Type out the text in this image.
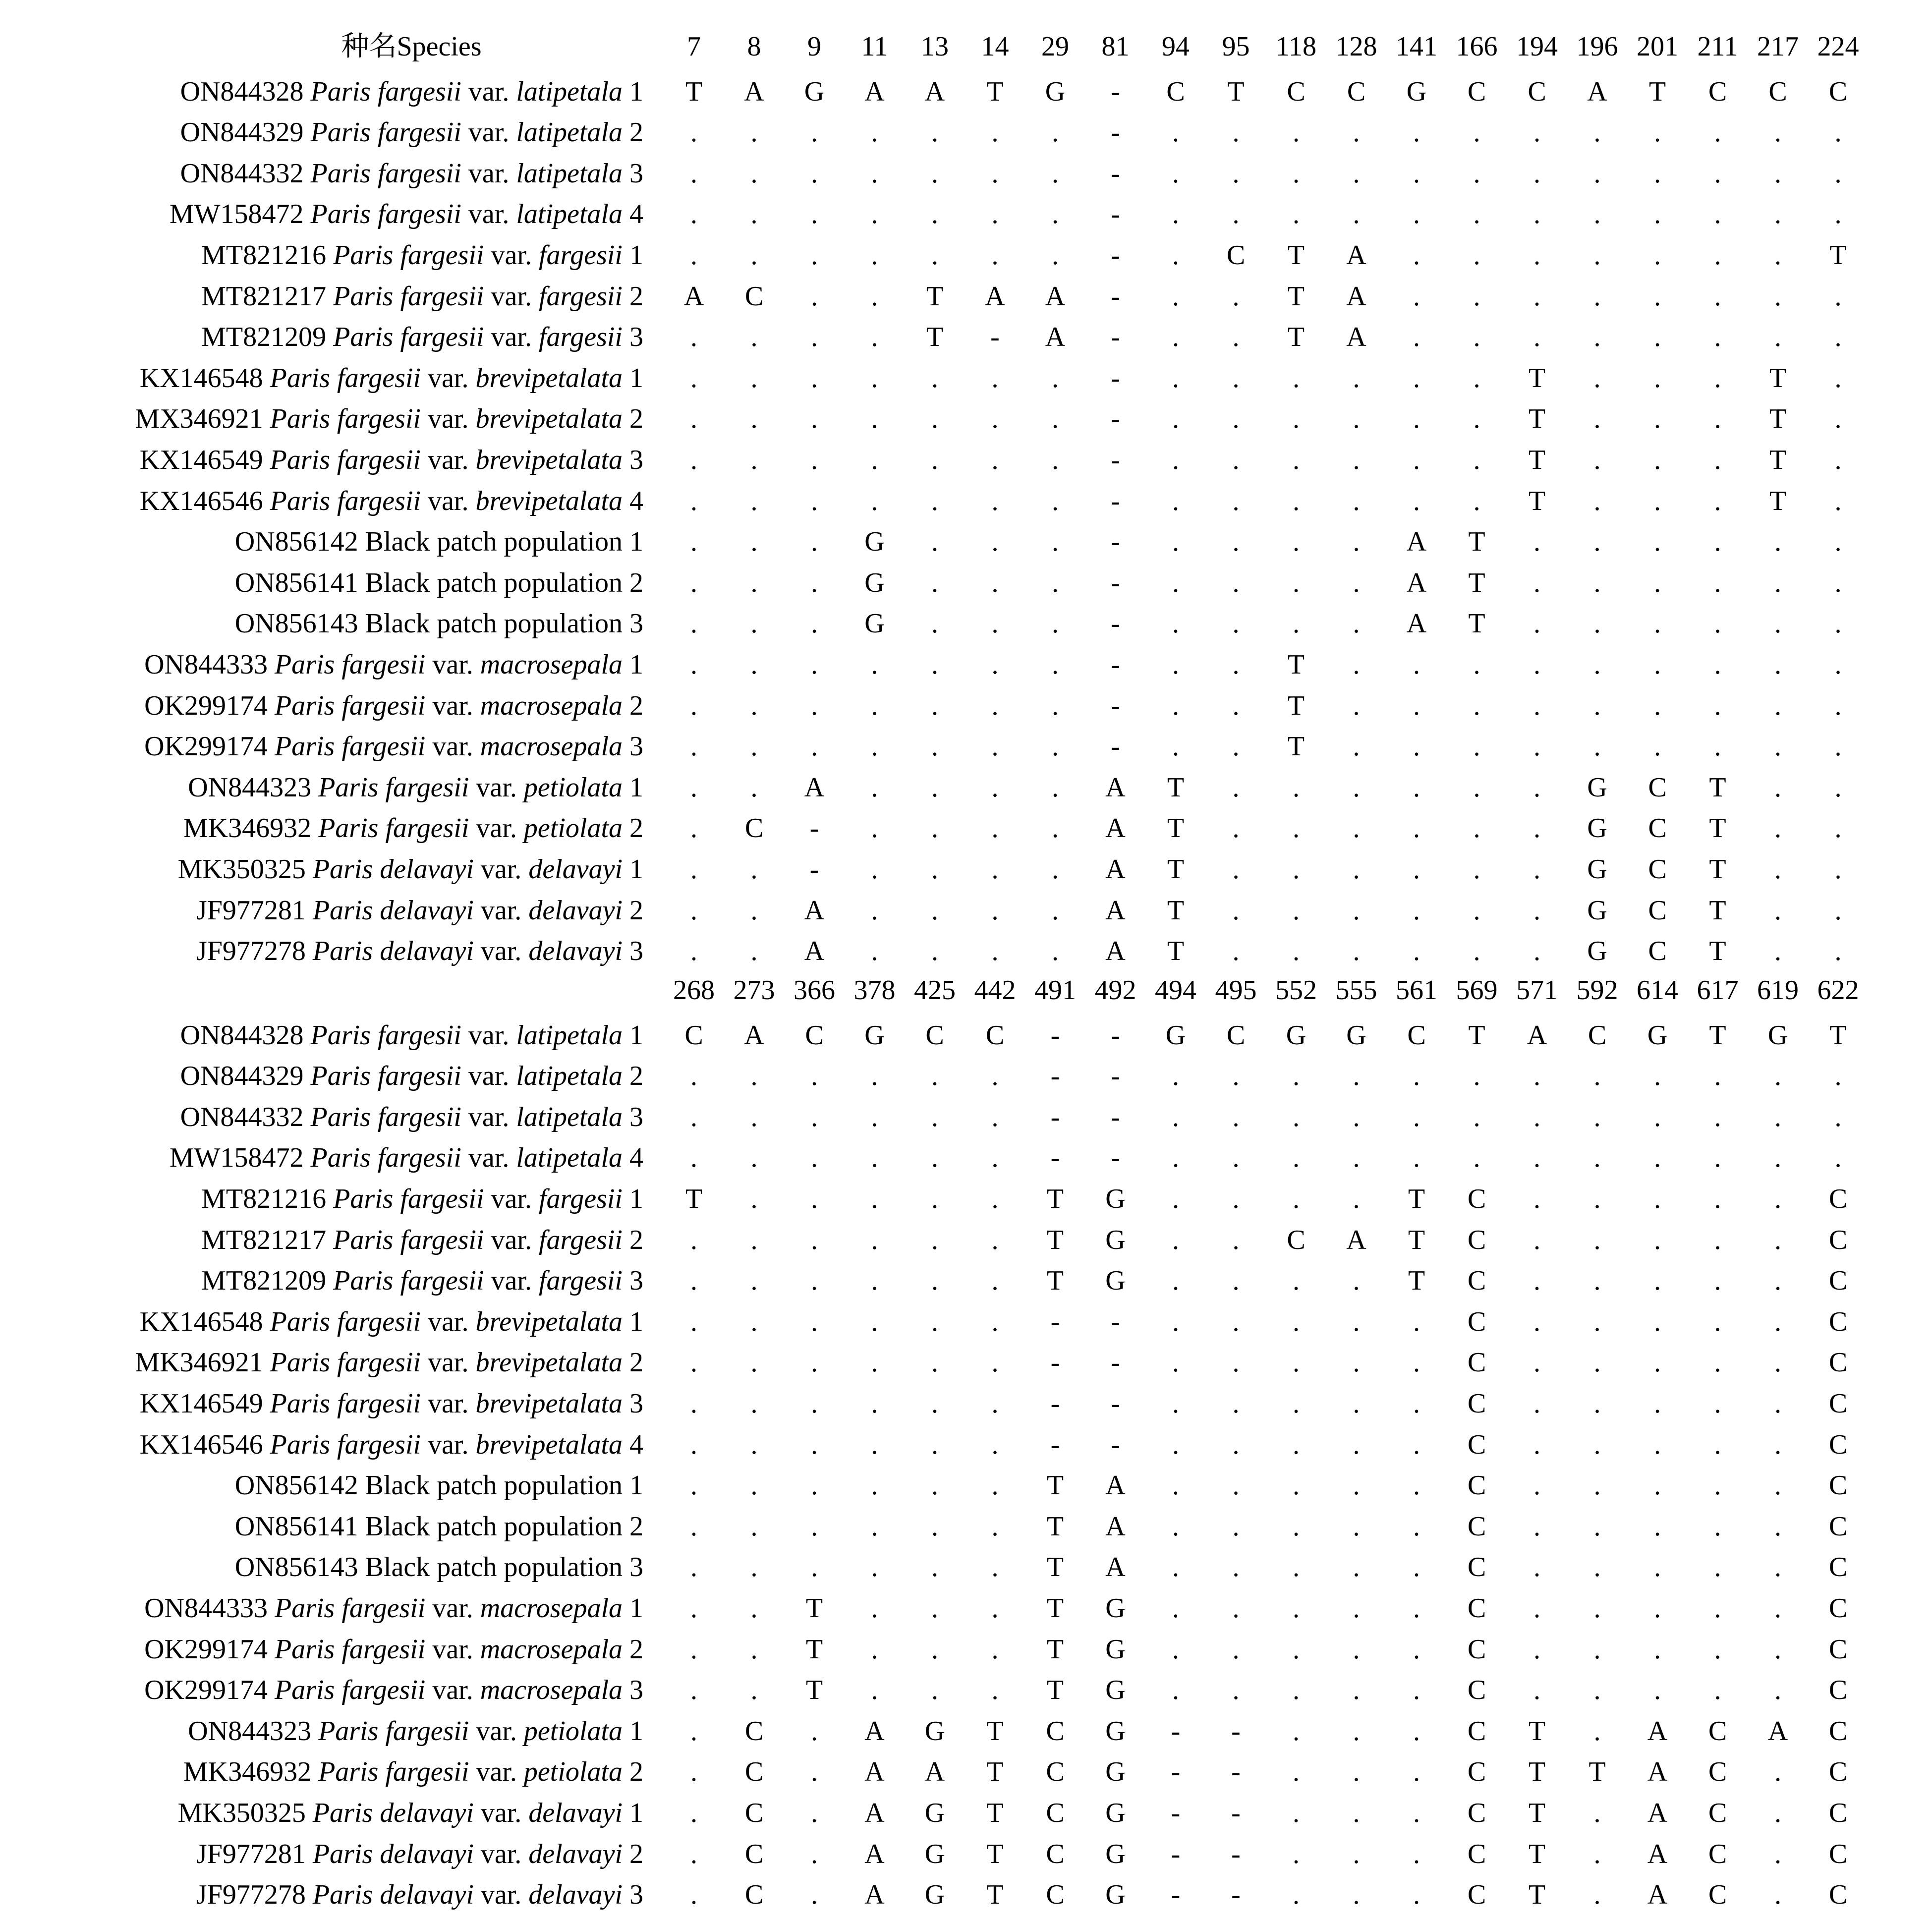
种名Species	7 8 9 11 13 14 29 81 94 95 118 128 141 166 194 196 201 211 217 224
ON844328 Paris fargesii var. latipetala 1 T A G A A T G - C T C C G C C A T C C C
ON844329 Paris fargesii var. latipetala 2 . . . . . . . - . . . . . . . . . . . .
ON844332 Paris fargesii var. latipetala 3 . . . . . . . - . . . . . . . . . . . .
MW158472 Paris fargesii var. latipetala 4 . . . . . . . - . . . . . . . . . . . .
MT821216 Paris fargesii var. fargesii 1 . . . . . . . - . C T A . . . . . . . T
MT821217 Paris fargesii var. fargesii 2 A C . . T A A - . . T A . . . . . . . .
MT821209 Paris fargesii var. fargesii 3 . . . . T - A - . . T A . . . . . . . .
KX146548 Paris fargesii var. brevipetalata 1 . . . . . . . - . . . . . . T . . . T .
MX346921 Paris fargesii var. brevipetalata 2 . . . . . . . - . . . . . . T . . . T .
KX146549 Paris fargesii var. brevipetalata 3 . . . . . . . - . . . . . . T . . . T .
KX146546 Paris fargesii var. brevipetalata 4 . . . . . . . - . . . . . . T . . . T .
ON856142 Black patch population 1 . . . G . . . - . . . . A T . . . . . .
ON856141 Black patch population 2 . . . G . . . - . . . . A T . . . . . .
ON856143 Black patch population 3 . . . G . . . - . . . . A T . . . . . .
ON844333 Paris fargesii var. macrosepala 1 . . . . . . . - . . T . . . . . . . . .
OK299174 Paris fargesii var. macrosepala 2 . . . . . . . - . . T . . . . . . . . .
OK299174 Paris fargesii var. macrosepala 3 . . . . . . . - . . T . . . . . . . . .
ON844323 Paris fargesii var. petiolata 1 . . A . . . . A T . . . . . . G C T . .
MK346932 Paris fargesii var. petiolata 2 . C - . . . . A T . . . . . . G C T . .
MK350325 Paris delavayi var. delavayi 1 . . - . . . . A T . . . . . . G C T . .
JF977281 Paris delavayi var. delavayi 2 . . A . . . . A T . . . . . . G C T . .
JF977278 Paris delavayi var. delavayi 3 . . A . . . . A T . . . . . . G C T . .
268 273 366 378 425 442 491 492 494 495 552 555 561 569 571 592 614 617 619 622
ON844328 Paris fargesii var. latipetala 1 C A C G C C - - G C G G C T A C G T G T
ON844329 Paris fargesii var. latipetala 2 . . . . . . - - . . . . . . . . . . . .
ON844332 Paris fargesii var. latipetala 3 . . . . . . - - . . . . . . . . . . . .
MW158472 Paris fargesii var. latipetala 4 . . . . . . - - . . . . . . . . . . . .
MT821216 Paris fargesii var. fargesii 1 T . . . . . T G . . . . T C . . . . . C
MT821217 Paris fargesii var. fargesii 2 . . . . . . T G . . C A T C . . . . . C
MT821209 Paris fargesii var. fargesii 3 . . . . . . T G . . . . T C . . . . . C
KX146548 Paris fargesii var. brevipetalata 1 . . . . . . - - . . . . . C . . . . . C
MK346921 Paris fargesii var. brevipetalata 2 . . . . . . - - . . . . . C . . . . . C
KX146549 Paris fargesii var. brevipetalata 3 . . . . . . - - . . . . . C . . . . . C
KX146546 Paris fargesii var. brevipetalata 4 . . . . . . - - . . . . . C . . . . . C
ON856142 Black patch population 1 . . . . . . T A . . . . . C . . . . . C
ON856141 Black patch population 2 . . . . . . T A . . . . . C . . . . . C
ON856143 Black patch population 3 . . . . . . T A . . . . . C . . . . . C
ON844333 Paris fargesii var. macrosepala 1 . . T . . . T G . . . . . C . . . . . C
OK299174 Paris fargesii var. macrosepala 2 . . T . . . T G . . . . . C . . . . . C
OK299174 Paris fargesii var. macrosepala 3 . . T . . . T G . . . . . C . . . . . C
ON844323 Paris fargesii var. petiolata 1 . C . A G T C G - - . . . C T . A C A C
MK346932 Paris fargesii var. petiolata 2 . C . A A T C G - - . . . C T T A C . C
MK350325 Paris delavayi var. delavayi 1 . C . A G T C G - - . . . C T . A C . C
JF977281 Paris delavayi var. delavayi 2 . C . A G T C G - - . . . C T . A C . C
JF977278 Paris delavayi var. delavayi 3 . C . A G T C G - - . . . C T . A C . C
